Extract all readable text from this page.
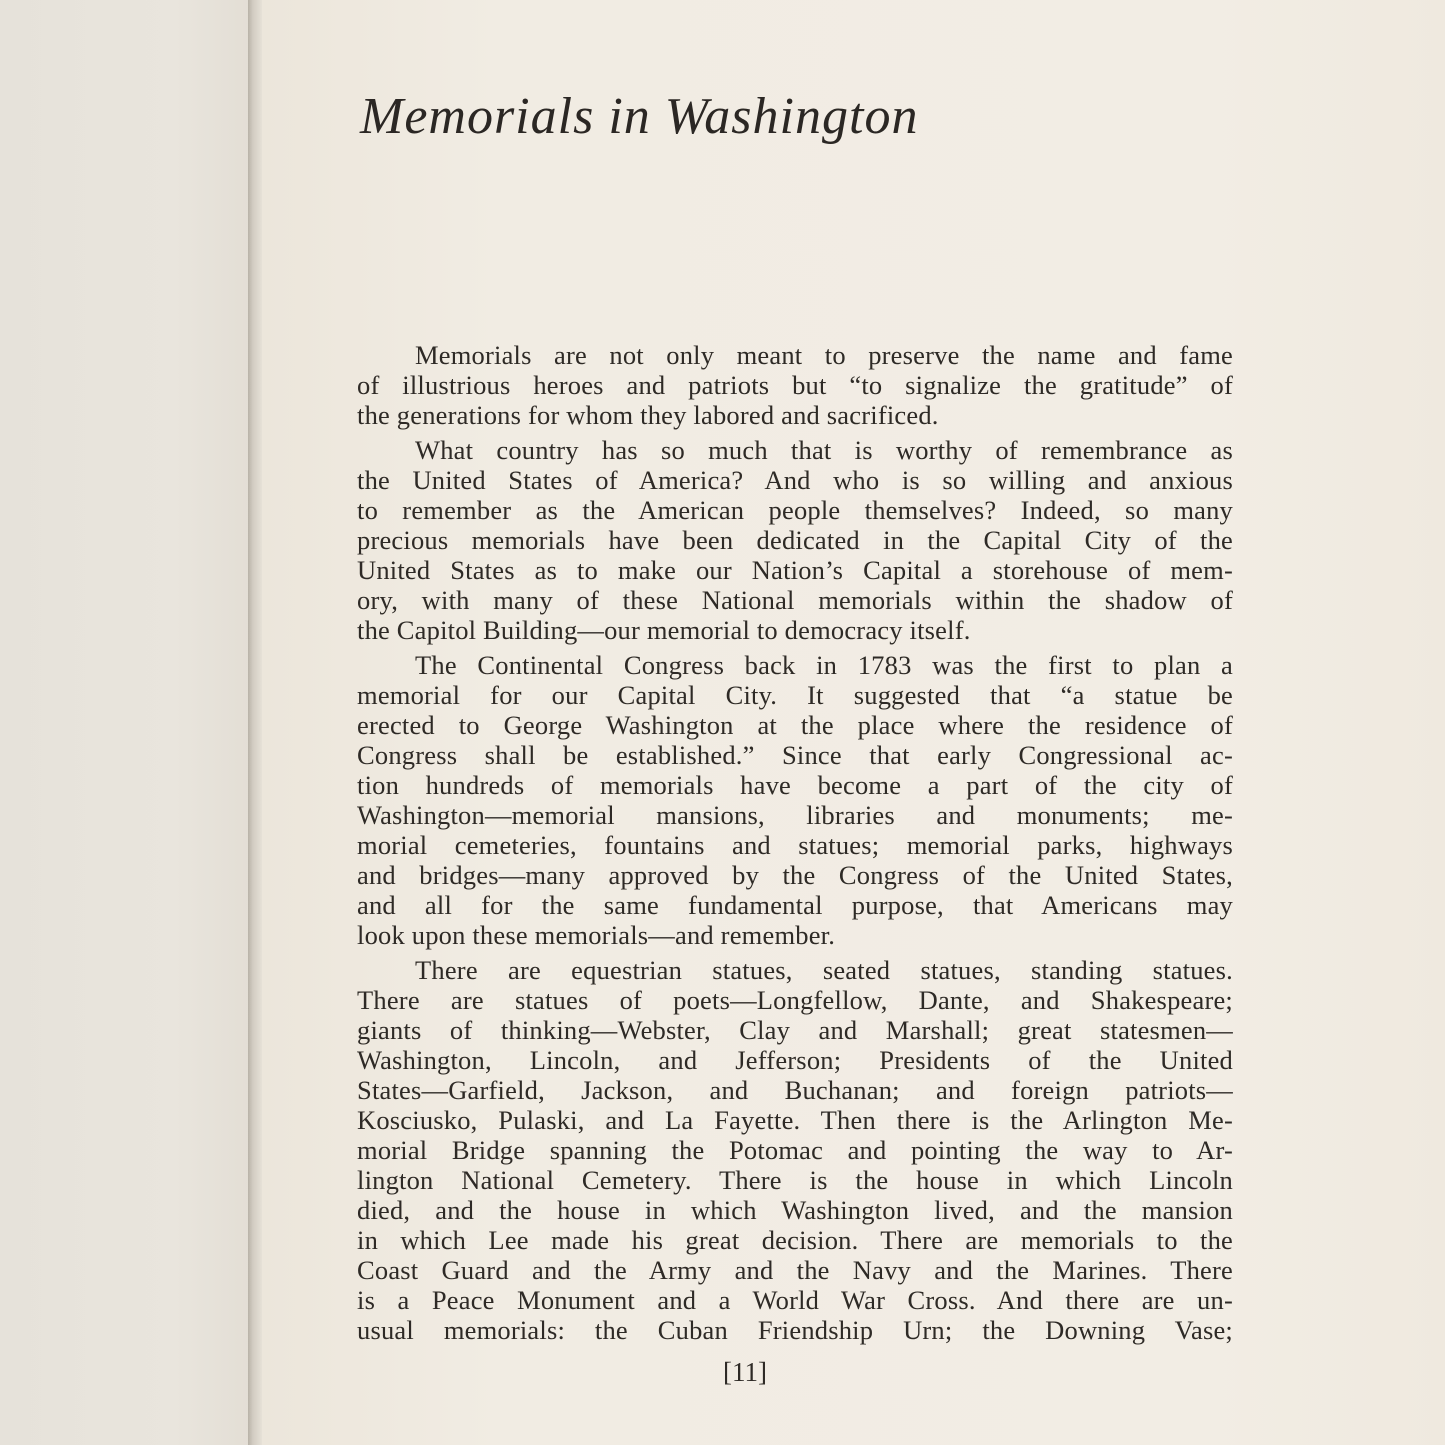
Memorials in Washington

Memorials are not only meant to preserve the name and fame
of illustrious heroes and patriots but “to signalize the gratitude” of
the generations for whom they labored and sacrificed.

What country has so much that is worthy of remembrance as
the United States of America? And who is so willing and anxious
to remember as the American people themselves? Indeed, so many
precious memorials have been dedicated in the Capital City of the
United States as to make our Nation’s Capital a storehouse of mem-
ory, with many of these National memorials within the shadow of
the Capitol Building—our memorial to democracy itself.

The Continental Congress back in 1783 was the first to plan a
memorial for our Capital City. It suggested that “a statue be
erected to George Washington at the place where the residence of
Congress shall be established.” Since that early Congressional ac-
tion hundreds of memorials have become a part of the city of
Washington—memorial mansions, libraries and monuments; me-
morial cemeteries, fountains and statues; memorial parks, highways
and bridges—many approved by the Congress of the United States,
and all for the same fundamental purpose, that Americans may
look upon these memorials—and remember.

There are equestrian statues, seated statues, standing statues.
There are statues of poets—Longfellow, Dante, and Shakespeare;
giants of thinking—Webster, Clay and Marshall; great statesmen—
Washington, Lincoln, and Jefferson; Presidents of the United
States—Garfield, Jackson, and Buchanan; and foreign patriots—
Kosciusko, Pulaski, and La Fayette. Then there is the Arlington Me-
morial Bridge spanning the Potomac and pointing the way to Ar-
lington National Cemetery. There is the house in which Lincoln
died, and the house in which Washington lived, and the mansion
in which Lee made his great decision. There are memorials to the
Coast Guard and the Army and the Navy and the Marines. There
is a Peace Monument and a World War Cross. And there are un-
usual memorials: the Cuban Friendship Urn; the Downing Vase;

[11]
